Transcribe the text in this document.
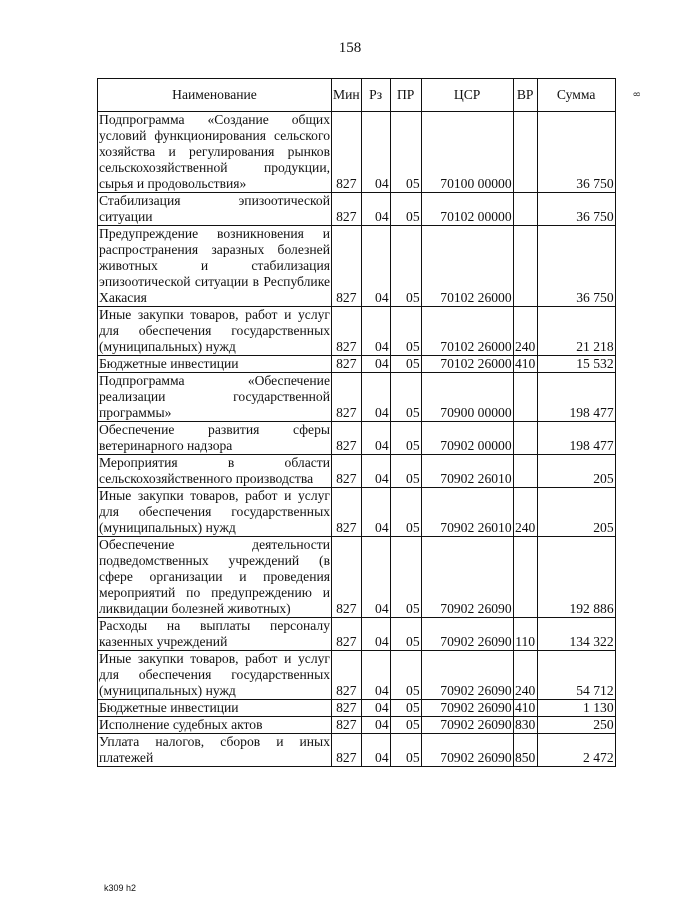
158
Наименование	Мин	Рз	ПР	ЦСР	ВР	Сумма
Подпрограмма «Создание общих условий функционирования сельского хозяйства и регулирования рынков сельскохозяйственной продукции, сырья и продовольствия»	827	04	05	70100 00000		36 750
Стабилизация эпизоотической ситуации	827	04	05	70102 00000		36 750
Предупреждение возникновения и распространения заразных болезней животных и стабилизация эпизоотической ситуации в Республике Хакасия	827	04	05	70102 26000		36 750
Иные закупки товаров, работ и услуг для обеспечения государственных (муниципальных) нужд	827	04	05	70102 26000	240	21 218
Бюджетные инвестиции	827	04	05	70102 26000	410	15 532
Подпрограмма «Обеспечение реализации государственной программы»	827	04	05	70900 00000		198 477
Обеспечение развития сферы ветеринарного надзора	827	04	05	70902 00000		198 477
Мероприятия в области сельскохозяйственного производства	827	04	05	70902 26010		205
Иные закупки товаров, работ и услуг для обеспечения государственных (муниципальных) нужд	827	04	05	70902 26010	240	205
Обеспечение деятельности подведомственных учреждений (в сфере организации и проведения мероприятий по предупреждению и ликвидации болезней животных)	827	04	05	70902 26090		192 886
Расходы на выплаты персоналу казенных учреждений	827	04	05	70902 26090	110	134 322
Иные закупки товаров, работ и услуг для обеспечения государственных (муниципальных) нужд	827	04	05	70902 26090	240	54 712
Бюджетные инвестиции	827	04	05	70902 26090	410	1 130
Исполнение судебных актов	827	04	05	70902 26090	830	250
Уплата налогов, сборов и иных платежей	827	04	05	70902 26090	850	2 472
8
k309 h2
